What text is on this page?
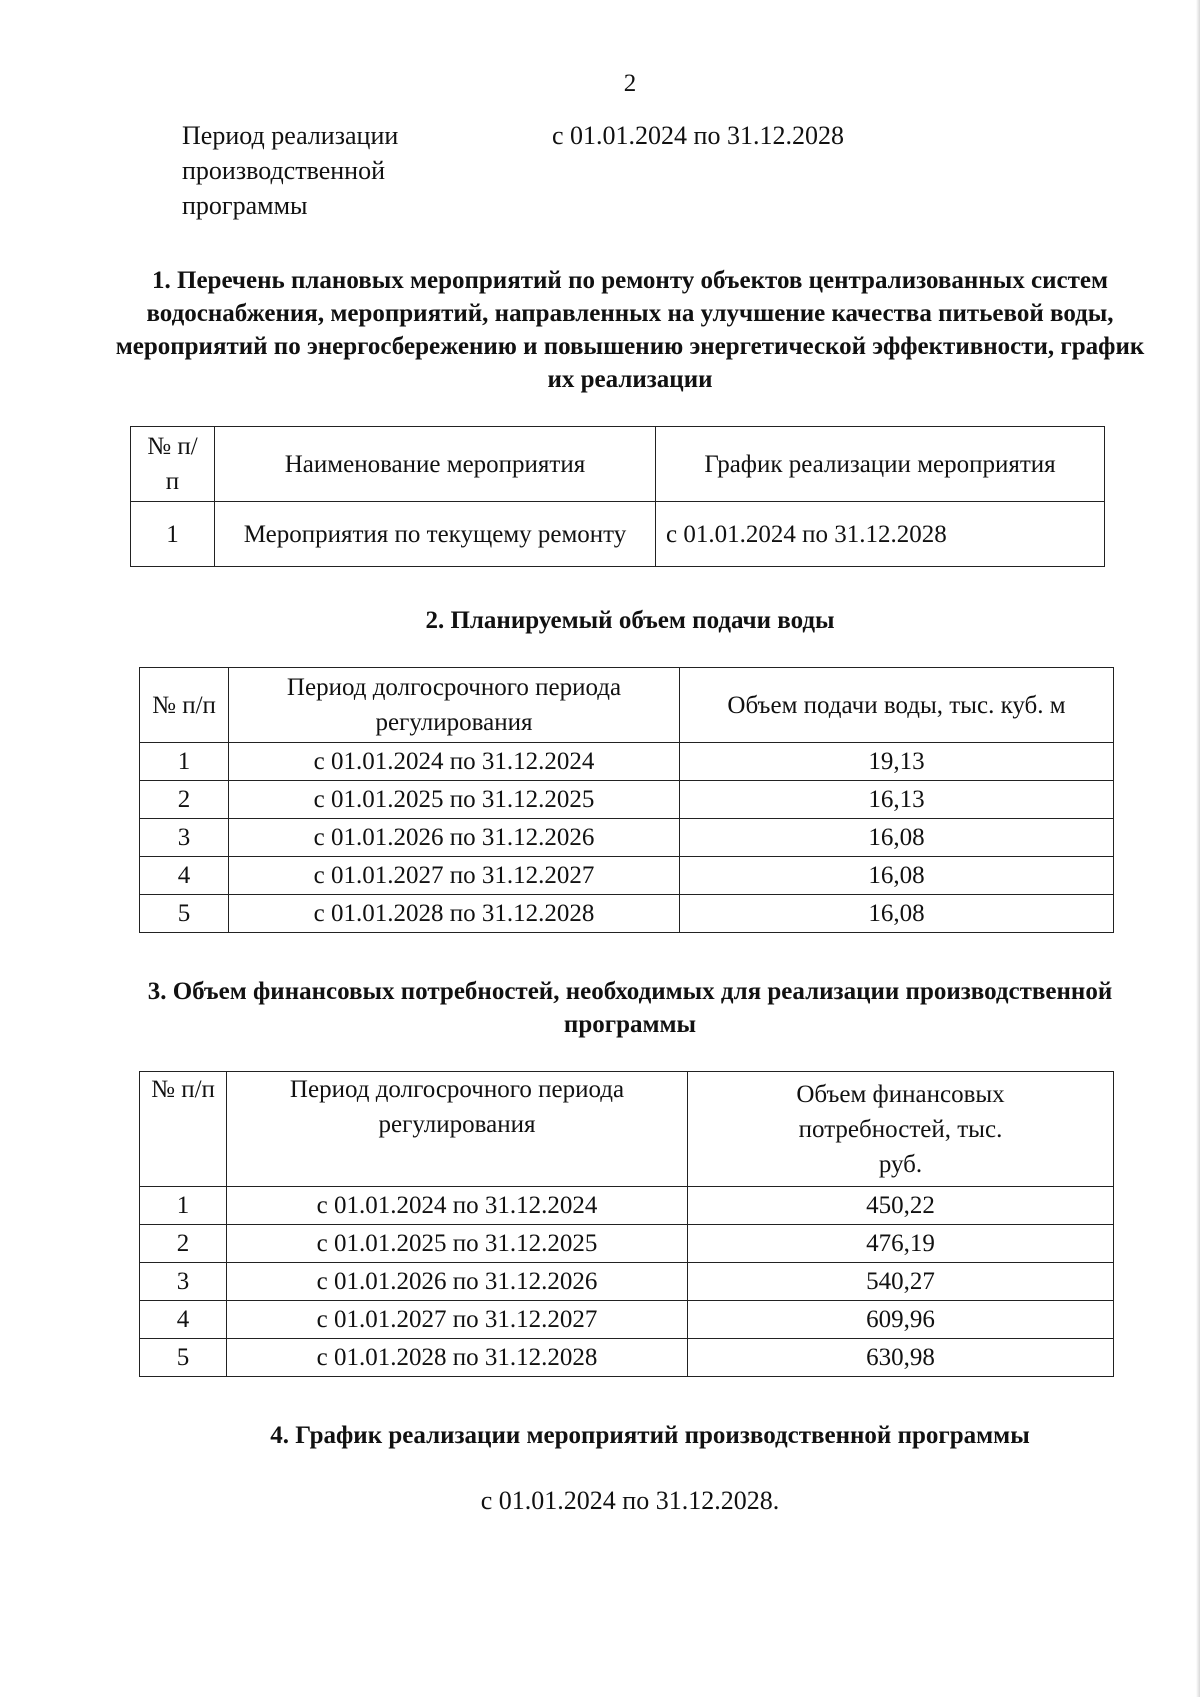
2
Период реализации производственной программы
с 01.01.2024 по 31.12.2028
1. Перечень плановых мероприятий по ремонту объектов централизованных систем водоснабжения, мероприятий, направленных на улучшение качества питьевой воды, мероприятий по энергосбережению и повышению энергетической эффективности, график их реализации
№ п/п	Наименование мероприятия	График реализации мероприятия
1	Мероприятия по текущему ремонту	с 01.01.2024 по 31.12.2028
2. Планируемый объем подачи воды
№ п/п	Период долгосрочного периода регулирования	Объем подачи воды, тыс. куб. м
1	с 01.01.2024 по 31.12.2024	19,13
2	с 01.01.2025 по 31.12.2025	16,13
3	с 01.01.2026 по 31.12.2026	16,08
4	с 01.01.2027 по 31.12.2027	16,08
5	с 01.01.2028 по 31.12.2028	16,08
3. Объем финансовых потребностей, необходимых для реализации производственной программы
№ п/п	Период долгосрочного периода регулирования	Объем финансовых потребностей, тыс. руб.
1	с 01.01.2024 по 31.12.2024	450,22
2	с 01.01.2025 по 31.12.2025	476,19
3	с 01.01.2026 по 31.12.2026	540,27
4	с 01.01.2027 по 31.12.2027	609,96
5	с 01.01.2028 по 31.12.2028	630,98
4. График реализации мероприятий производственной программы
с 01.01.2024 по 31.12.2028.
